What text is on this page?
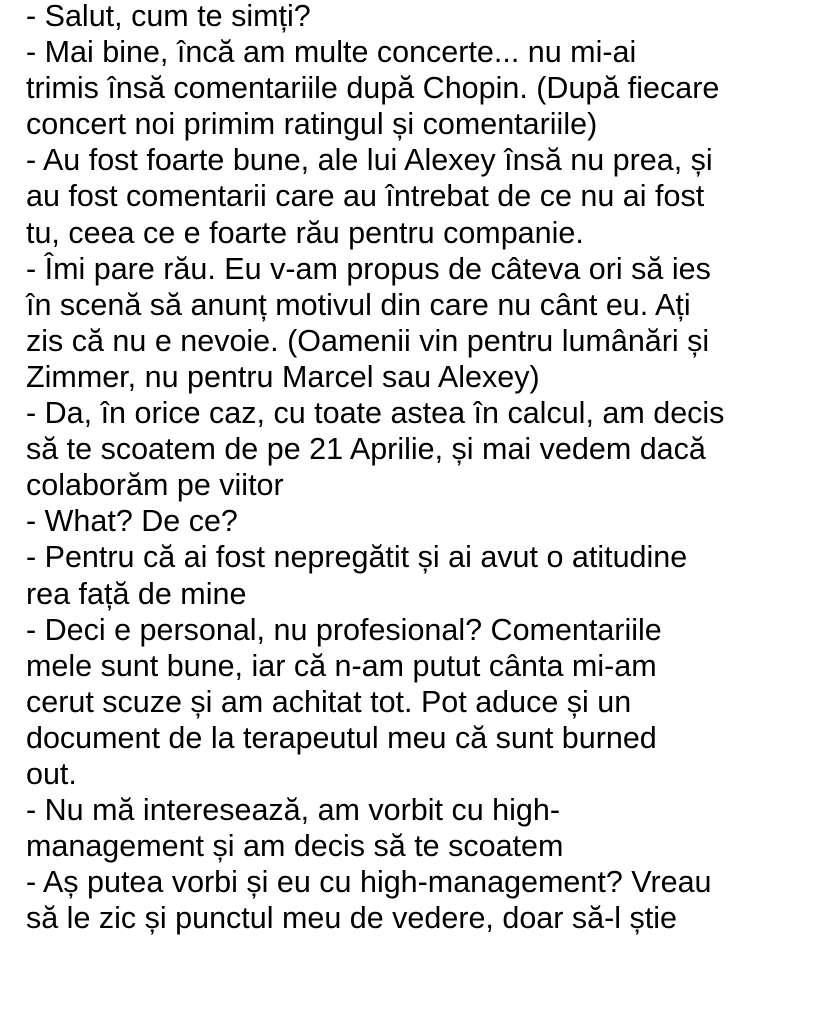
- Salut, cum te simți?
- Mai bine, încă am multe concerte... nu mi-ai
trimis însă comentariile după Chopin. (După fiecare
concert noi primim ratingul și comentariile)
- Au fost foarte bune, ale lui Alexey însă nu prea, și
au fost comentarii care au întrebat de ce nu ai fost
tu, ceea ce e foarte rău pentru companie.
- Îmi pare rău. Eu v-am propus de câteva ori să ies
în scenă să anunț motivul din care nu cânt eu. Ați
zis că nu e nevoie. (Oamenii vin pentru lumânări și
Zimmer, nu pentru Marcel sau Alexey)
- Da, în orice caz, cu toate astea în calcul, am decis
să te scoatem de pe 21 Aprilie, și mai vedem dacă
colaborăm pe viitor
- What? De ce?
- Pentru că ai fost nepregătit și ai avut o atitudine
rea față de mine
- Deci e personal, nu profesional? Comentariile
mele sunt bune, iar că n-am putut cânta mi-am
cerut scuze și am achitat tot. Pot aduce și un
document de la terapeutul meu că sunt burned
out.
- Nu mă interesează, am vorbit cu high-
management și am decis să te scoatem
- Aș putea vorbi și eu cu high-management? Vreau
să le zic și punctul meu de vedere, doar să-l știe
